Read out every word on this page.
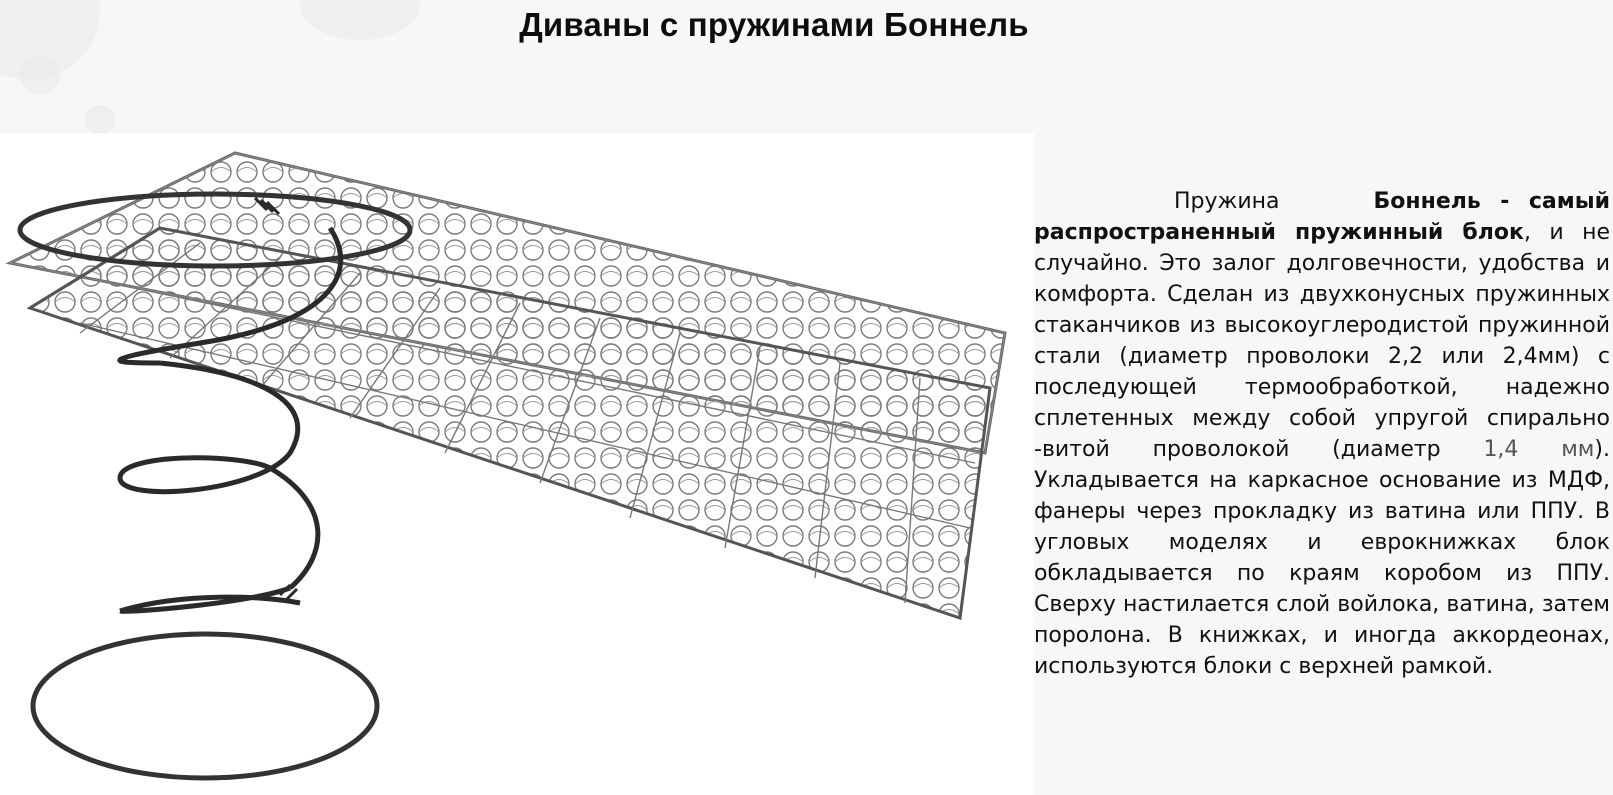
Диваны с пружинами Боннель
Пружина	Боннель - самый распространенный пружинный блок, и не случайно. Это залог долговечности, удобства и комфорта. Сделан из двухконусных пружинных стаканчиков из высокоуглеродистой пружинной стали (диаметр проволоки 2,2 или 2,4мм) с последующей термообработкой, надежно сплетенных между собой упругой спирально -витой проволокой (диаметр 1,4 мм). Укладывается на каркасное основание из МДФ, фанеры через прокладку из ватина или ППУ. В угловых моделях и еврокнижках блок обкладывается по краям коробом из ППУ. Сверху настилается слой войлока, ватина, затем поролона. В книжках, и иногда аккордеонах, используются блоки с верхней рамкой.
